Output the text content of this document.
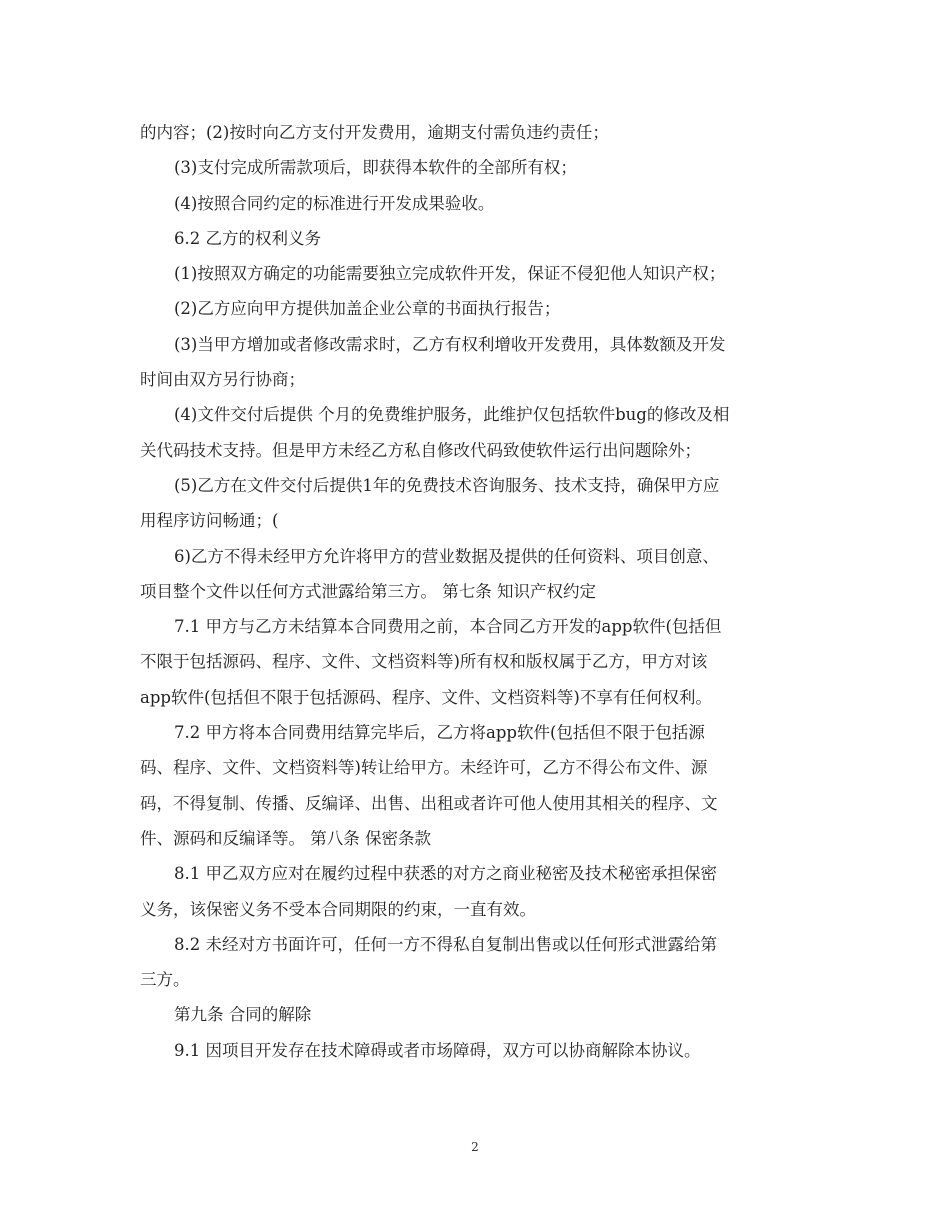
的内容；(2)按时向乙方支付开发费用，逾期支付需负违约责任；
(3)支付完成所需款项后，即获得本软件的全部所有权；
(4)按照合同约定的标准进行开发成果验收。
6.2 乙方的权利义务
(1)按照双方确定的功能需要独立完成软件开发，保证不侵犯他人知识产权；
(2)乙方应向甲方提供加盖企业公章的书面执行报告；
(3)当甲方增加或者修改需求时，乙方有权利增收开发费用，具体数额及开发
时间由双方另行协商；
(4)文件交付后提供 个月的免费维护服务，此维护仅包括软件bug的修改及相
关代码技术支持。但是甲方未经乙方私自修改代码致使软件运行出问题除外；
(5)乙方在文件交付后提供1年的免费技术咨询服务、技术支持，确保甲方应
用程序访问畅通；(
6)乙方不得未经甲方允许将甲方的营业数据及提供的任何资料、项目创意、
项目整个文件以任何方式泄露给第三方。 第七条 知识产权约定
7.1 甲方与乙方未结算本合同费用之前，本合同乙方开发的app软件(包括但
不限于包括源码、程序、文件、文档资料等)所有权和版权属于乙方，甲方对该
app软件(包括但不限于包括源码、程序、文件、文档资料等)不享有任何权利。
7.2 甲方将本合同费用结算完毕后，乙方将app软件(包括但不限于包括源
码、程序、文件、文档资料等)转让给甲方。未经许可，乙方不得公布文件、源
码，不得复制、传播、反编译、出售、出租或者许可他人使用其相关的程序、文
件、源码和反编译等。 第八条 保密条款
8.1 甲乙双方应对在履约过程中获悉的对方之商业秘密及技术秘密承担保密
义务，该保密义务不受本合同期限的约束，一直有效。
8.2 未经对方书面许可，任何一方不得私自复制出售或以任何形式泄露给第
三方。
第九条 合同的解除
9.1 因项目开发存在技术障碍或者市场障碍，双方可以协商解除本协议。
2
